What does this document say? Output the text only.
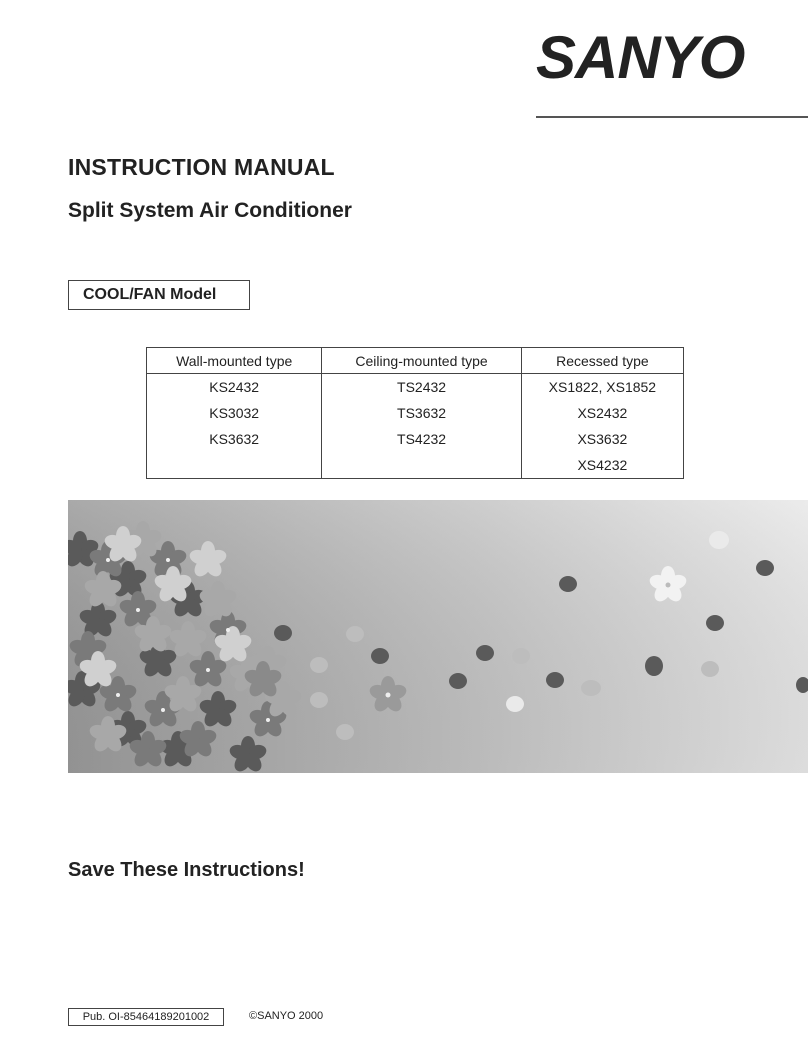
SANYO
INSTRUCTION MANUAL
Split System Air Conditioner
COOL/FAN Model
Wall-mounted type	Ceiling-mounted type	Recessed type
KS2432	TS2432	XS1822, XS1852
KS3032	TS3632	XS2432
KS3632	TS4232	XS3632
		XS4232
Save These Instructions!
Pub. OI-85464189201002	©SANYO 2000
